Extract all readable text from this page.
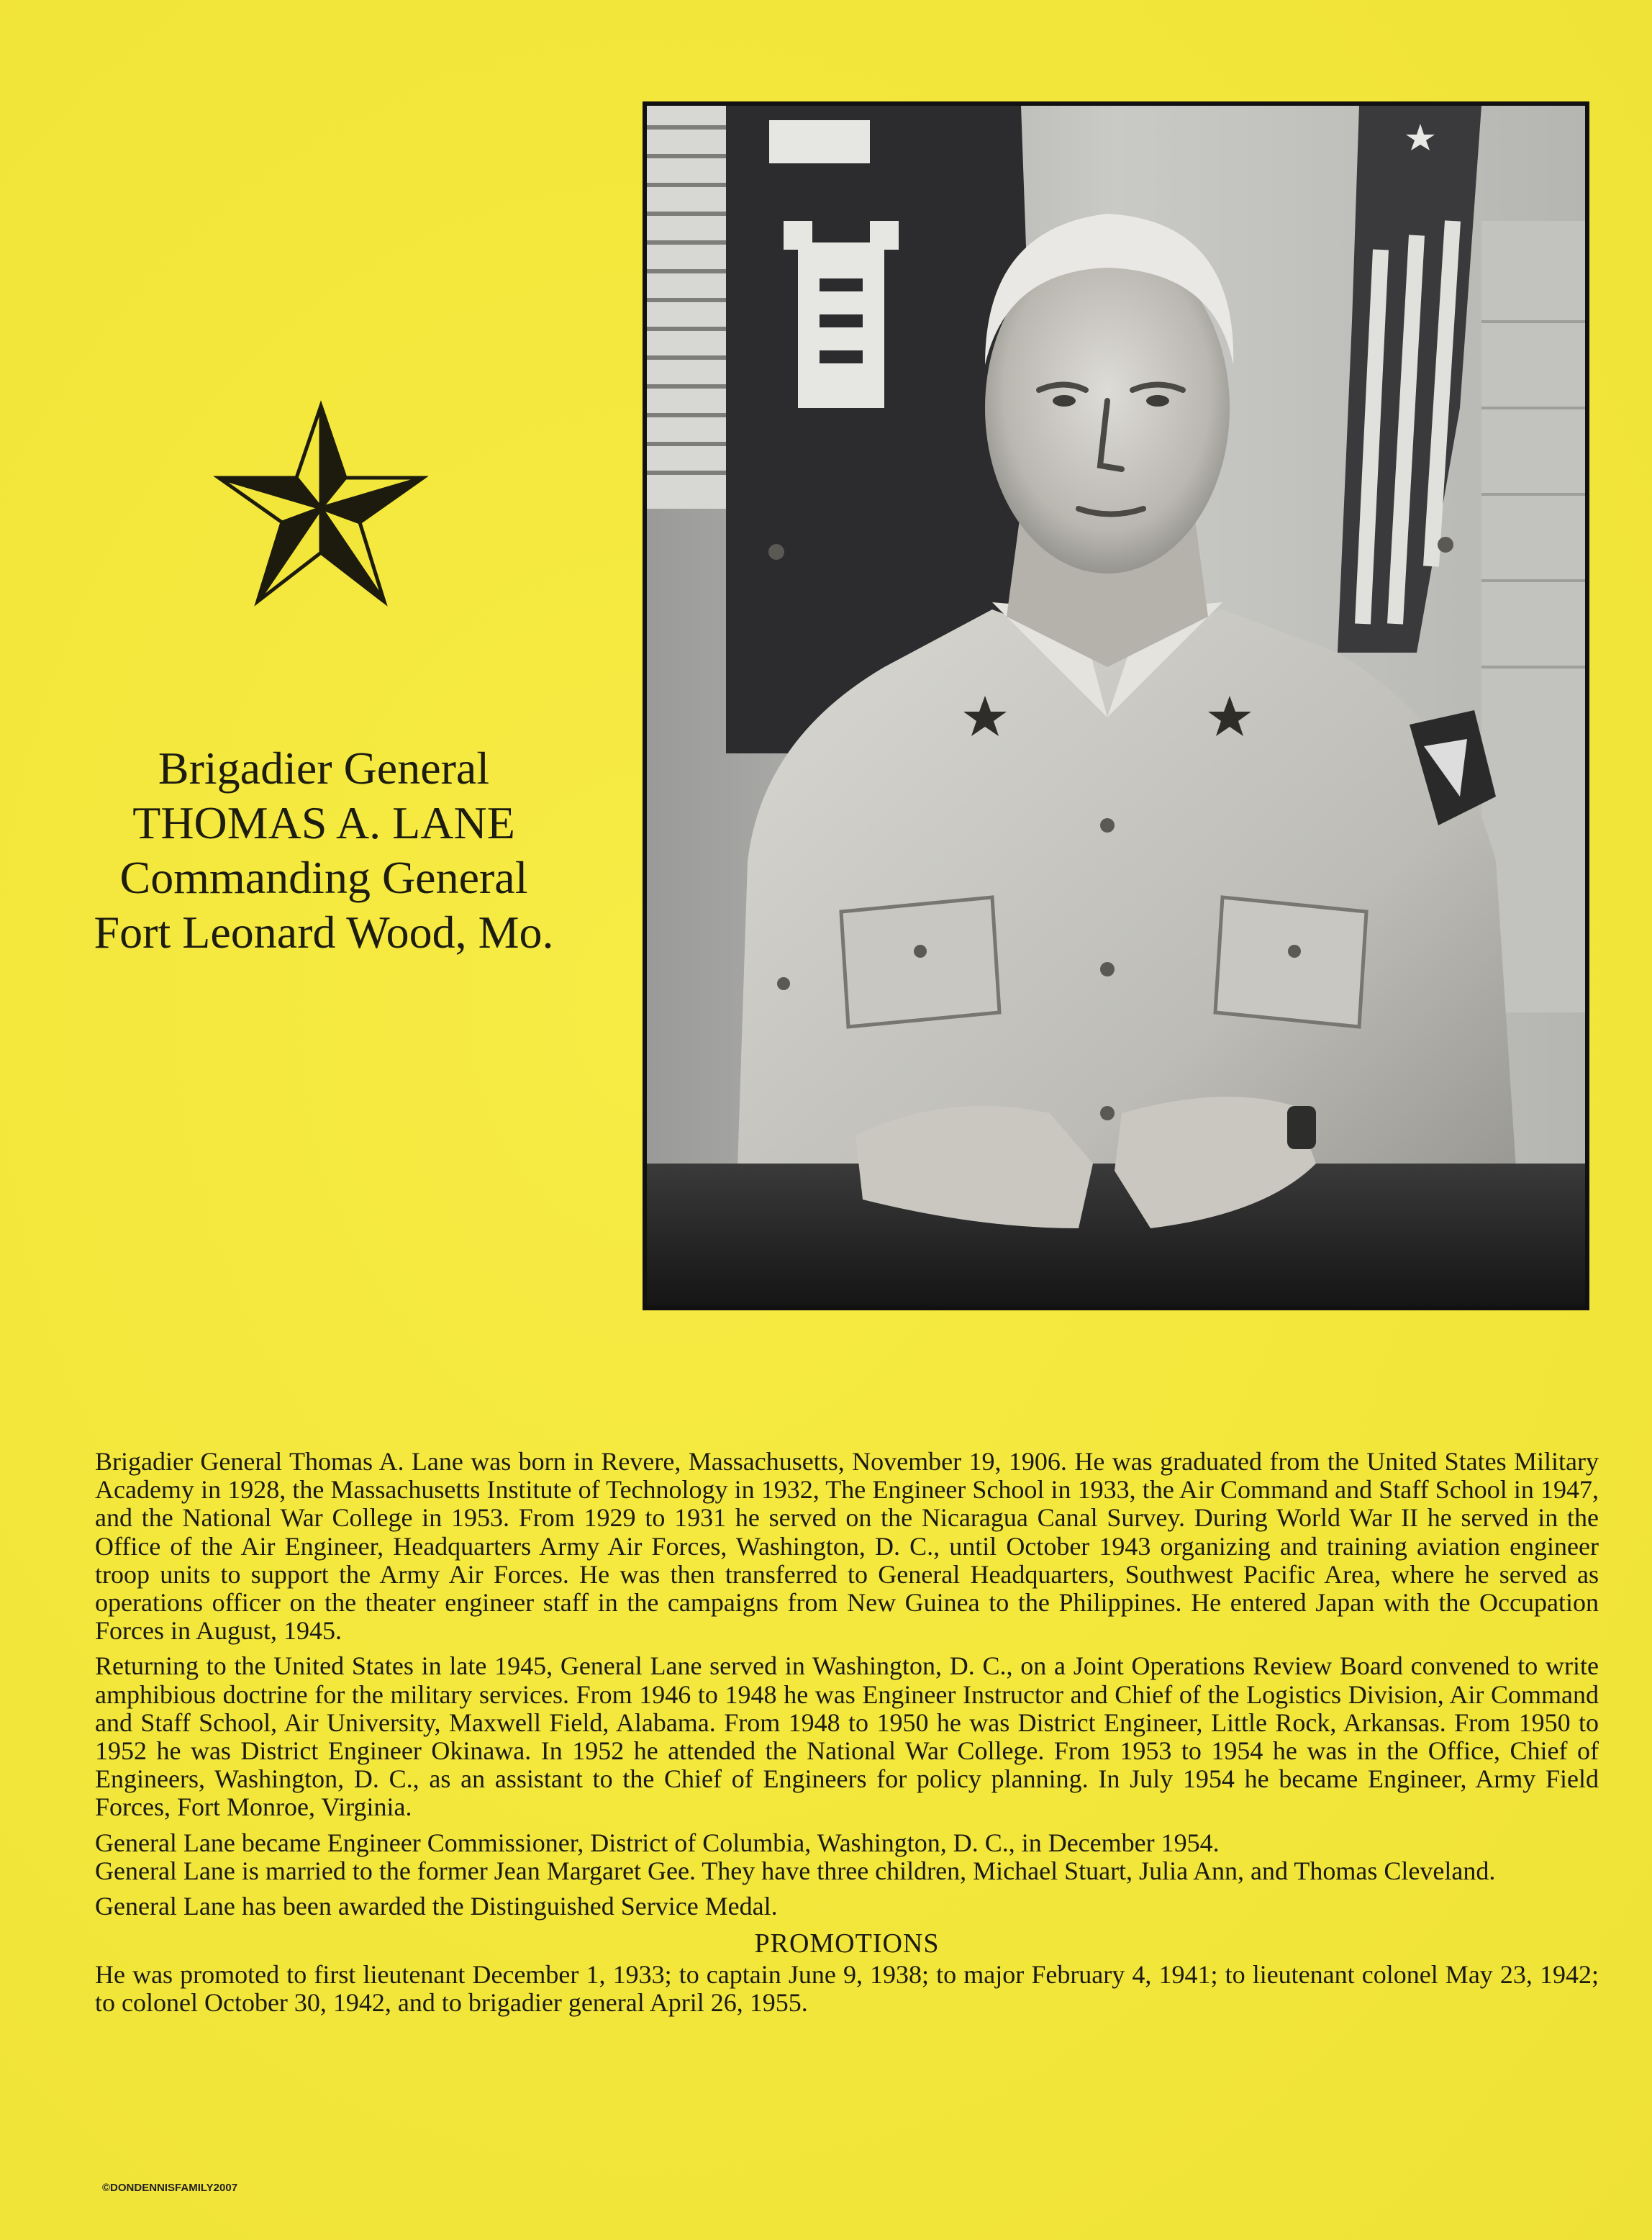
Brigadier General
THOMAS A. LANE
Commanding General
Fort Leonard Wood, Mo.

Brigadier General Thomas A. Lane was born in Revere, Massachusetts, November 19, 1906. He was graduated from the United States Military Academy in 1928, the Massachusetts Institute of Technology in 1932, The Engineer School in 1933, the Air Command and Staff School in 1947, and the National War College in 1953. From 1929 to 1931 he served on the Nicaragua Canal Survey. During World War II he served in the Office of the Air Engineer, Headquarters Army Air Forces, Washington, D. C., until October 1943 organizing and training aviation engineer troop units to support the Army Air Forces. He was then transferred to General Headquarters, Southwest Pacific Area, where he served as operations officer on the theater engineer staff in the campaigns from New Guinea to the Philippines. He entered Japan with the Occupation Forces in August, 1945.

Returning to the United States in late 1945, General Lane served in Washington, D. C., on a Joint Operations Review Board convened to write amphibious doctrine for the military services. From 1946 to 1948 he was Engineer Instructor and Chief of the Logistics Division, Air Command and Staff School, Air University, Maxwell Field, Alabama. From 1948 to 1950 he was District Engineer, Little Rock, Arkansas. From 1950 to 1952 he was District Engineer Okinawa. In 1952 he attended the National War College. From 1953 to 1954 he was in the Office, Chief of Engineers, Washington, D. C., as an assistant to the Chief of Engineers for policy planning. In July 1954 he became Engineer, Army Field Forces, Fort Monroe, Virginia.

General Lane became Engineer Commissioner, District of Columbia, Washington, D. C., in December 1954.

General Lane is married to the former Jean Margaret Gee. They have three children, Michael Stuart, Julia Ann, and Thomas Cleveland.

General Lane has been awarded the Distinguished Service Medal.

PROMOTIONS

He was promoted to first lieutenant December 1, 1933; to captain June 9, 1938; to major February 4, 1941; to lieutenant colonel May 23, 1942; to colonel October 30, 1942, and to brigadier general April 26, 1955.

©DONDENNISFAMILY2007
